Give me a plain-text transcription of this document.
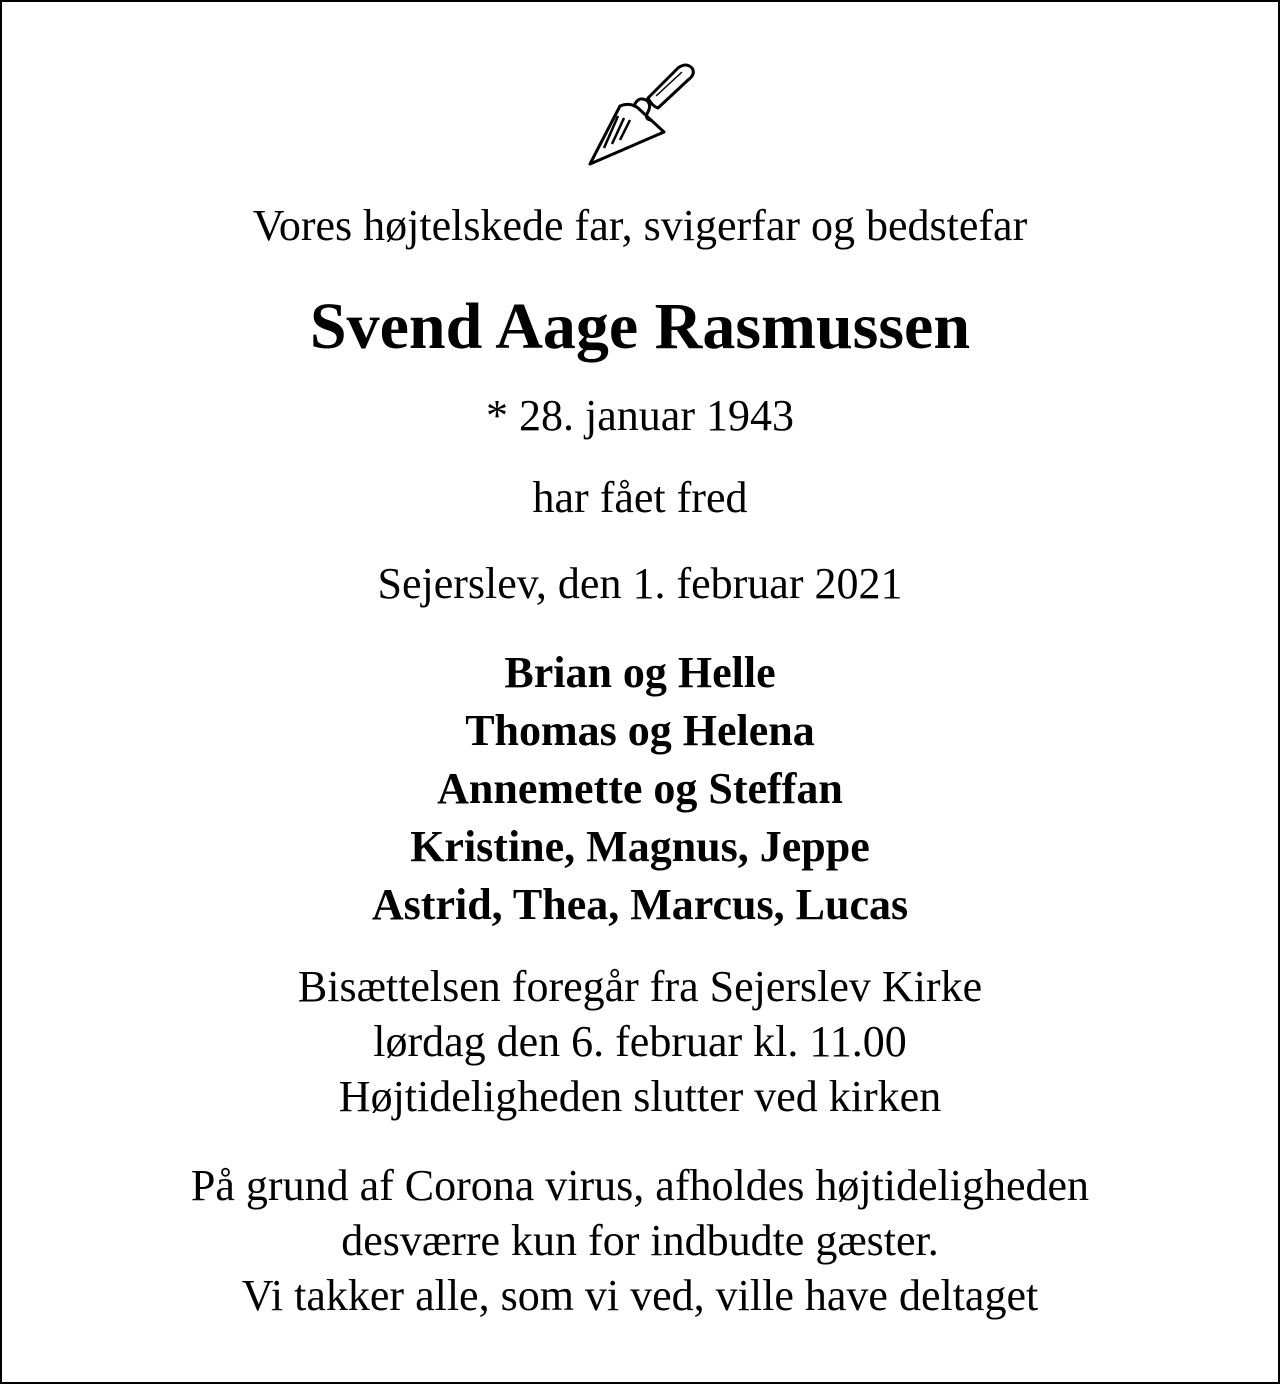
Vores højtelskede far, svigerfar og bedstefar
Svend Aage Rasmussen
* 28. januar 1943
har fået fred
Sejerslev, den 1. februar 2021
Brian og Helle
Thomas og Helena
Annemette og Steffan
Kristine, Magnus, Jeppe
Astrid, Thea, Marcus, Lucas
Bisættelsen foregår fra Sejerslev Kirke
lørdag den 6. februar kl. 11.00
Højtideligheden slutter ved kirken
På grund af Corona virus, afholdes højtideligheden
desværre kun for indbudte gæster.
Vi takker alle, som vi ved, ville have deltaget
